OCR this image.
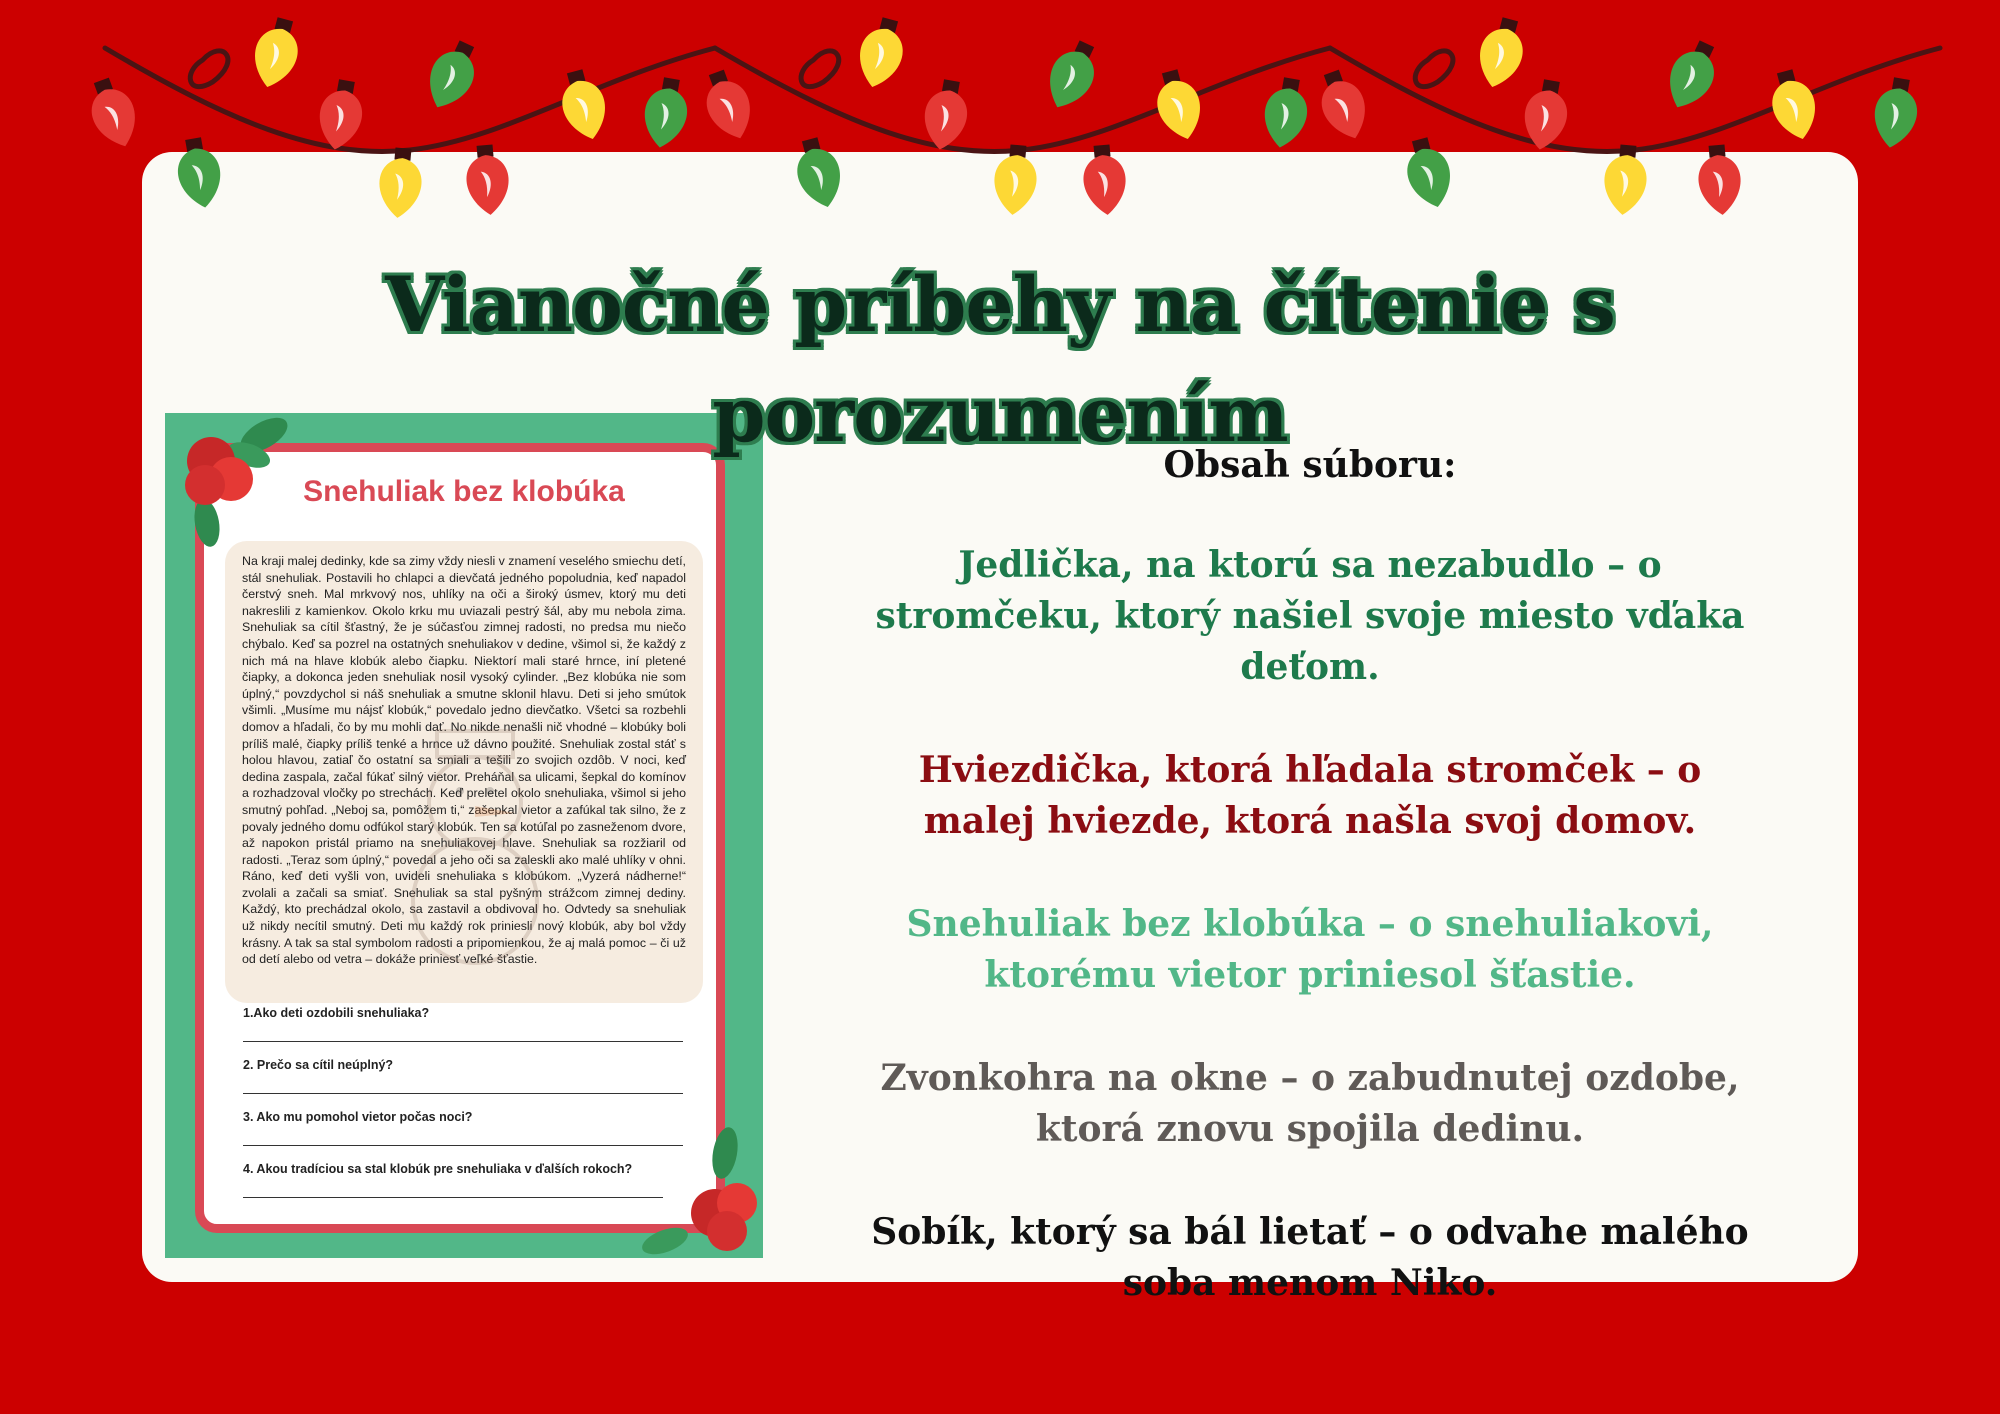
Vianočné príbehy na čítenie s porozumením
Snehuliak bez klobúka

Na kraji malej dedinky, kde sa zimy vždy niesli v znamení veselého smiechu detí, stál snehuliak. Postavili ho chlapci a dievčatá jedného popoludnia, keď napadol čerstvý sneh. Mal mrkvový nos, uhlíky na oči a široký úsmev, ktorý mu deti nakreslili z kamienkov. Okolo krku mu uviazali pestrý šál, aby mu nebola zima. Snehuliak sa cítil šťastný, že je súčasťou zimnej radosti, no predsa mu niečo chýbalo. Keď sa pozrel na ostatných snehuliakov v dedine, všimol si, že každý z nich má na hlave klobúk alebo čiapku. Niektorí mali staré hrnce, iní pletené čiapky, a dokonca jeden snehuliak nosil vysoký cylinder. „Bez klobúka nie som úplný,“ povzdychol si náš snehuliak a smutne sklonil hlavu. Deti si jeho smútok všimli. „Musíme mu nájsť klobúk,“ povedalo jedno dievčatko. Všetci sa rozbehli domov a hľadali, čo by mu mohli dať. No nikde nenašli nič vhodné – klobúky boli príliš malé, čiapky príliš tenké a hrnce už dávno použité. Snehuliak zostal stáť s holou hlavou, zatiaľ čo ostatní sa smiali a tešili zo svojich ozdôb. V noci, keď dedina zaspala, začal fúkať silný vietor. Preháňal sa ulicami, šepkal do komínov a rozhadzoval vločky po strechách. Keď preletel okolo snehuliaka, všimol si jeho smutný pohľad. „Neboj sa, pomôžem ti,“ zašepkal vietor a zafúkal tak silno, že z povaly jedného domu odfúkol starý klobúk. Ten sa kotúľal po zasneženom dvore, až napokon pristál priamo na snehuliakovej hlave. Snehuliak sa rozžiaril od radosti. „Teraz som úplný,“ povedal a jeho oči sa zaleskli ako malé uhlíky v ohni. Ráno, keď deti vyšli von, uvideli snehuliaka s klobúkom. „Vyzerá nádherne!“ zvolali a začali sa smiať. Snehuliak sa stal pyšným strážcom zimnej dediny. Každý, kto prechádzal okolo, sa zastavil a obdivoval ho. Odvtedy sa snehuliak už nikdy necítil smutný. Deti mu každý rok priniesli nový klobúk, aby bol vždy krásny. A tak sa stal symbolom radosti a pripomienkou, že aj malá pomoc – či už od detí alebo od vetra – dokáže priniesť veľké šťastie.

1.Ako deti ozdobili snehuliaka?
2. Prečo sa cítil neúplný?
3. Ako mu pomohol vietor počas noci?
4. Akou tradíciou sa stal klobúk pre snehuliaka v ďalších rokoch?
Obsah súboru:
Jedlička, na ktorú sa nezabudlo – o stromčeku, ktorý našiel svoje miesto vďaka deťom.
Hviezdička, ktorá hľadala stromček – o malej hviezde, ktorá našla svoj domov.
Snehuliak bez klobúka – o snehuliakovi, ktorému vietor priniesol šťastie.
Zvonkohra na okne – o zabudnutej ozdobe, ktorá znovu spojila dedinu.
Sobík, ktorý sa bál lietať – o odvahe malého soba menom Niko.
